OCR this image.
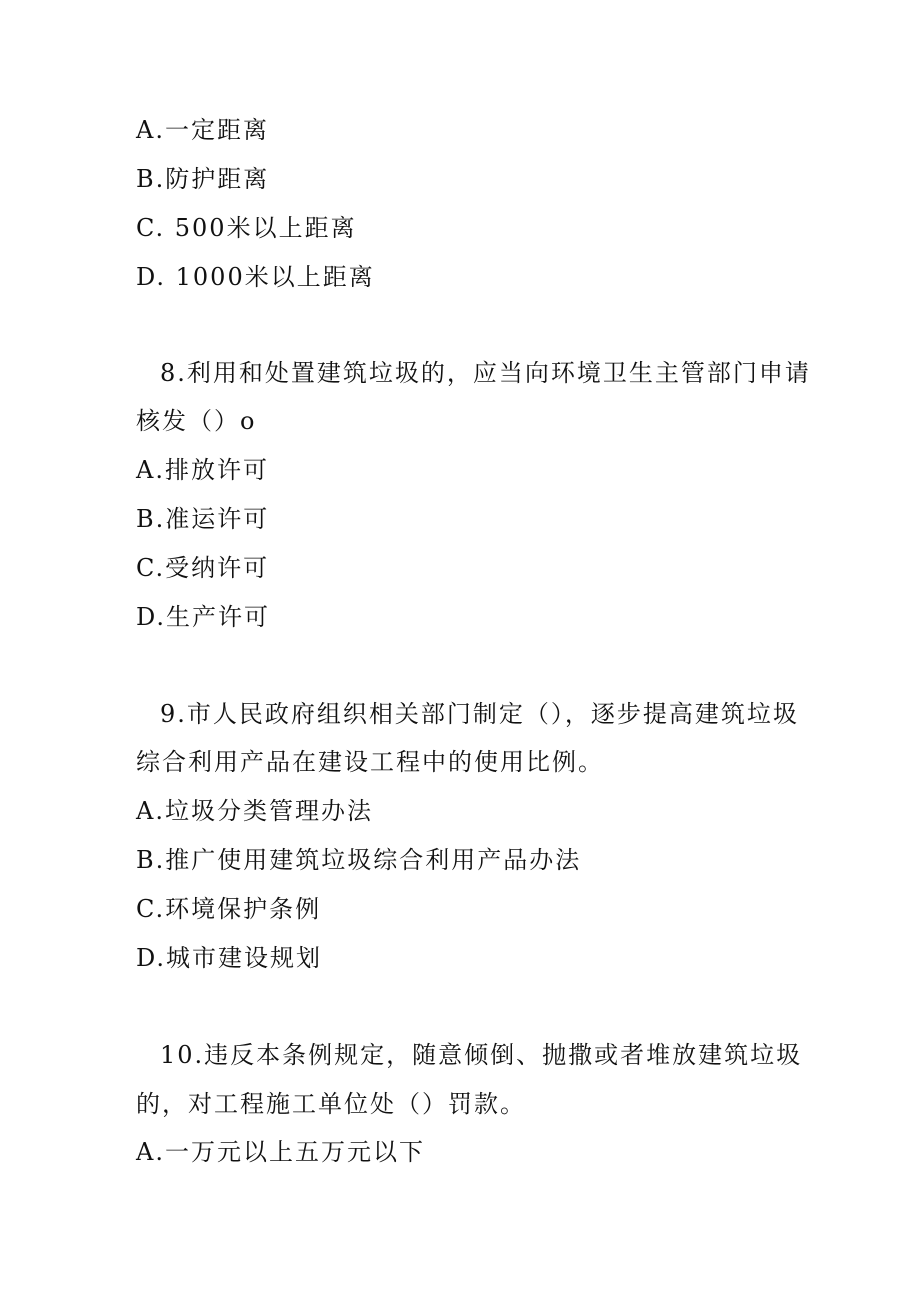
A.一定距离
B.防护距离
C. 500米以上距离
D. 1000米以上距离
8.利用和处置建筑垃圾的，应当向环境卫生主管部门申请
核发（）o
A.排放许可
B.准运许可
C.受纳许可
D.生产许可
9.市人民政府组织相关部门制定（），逐步提高建筑垃圾
综合利用产品在建设工程中的使用比例。
A.垃圾分类管理办法
B.推广使用建筑垃圾综合利用产品办法
C.环境保护条例
D.城市建设规划
10.违反本条例规定，随意倾倒、抛撒或者堆放建筑垃圾
的，对工程施工单位处（）罚款。
A.一万元以上五万元以下
